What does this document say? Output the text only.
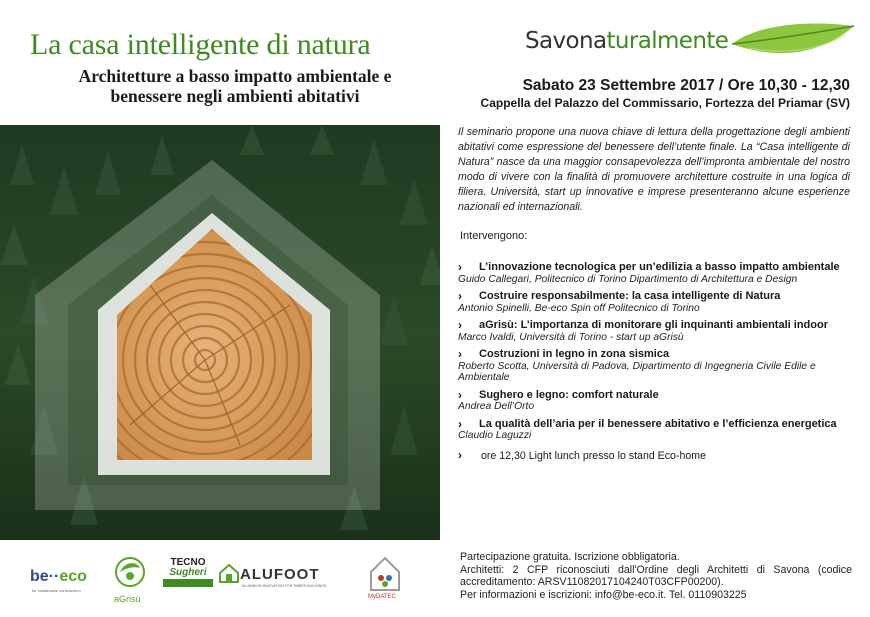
La casa intelligente di natura
Architetture a basso impatto ambientale e
benessere negli ambienti abitativi
Savonaturalmente
Sabato 23 Settembre 2017 / Ore 10,30 - 12,30
Cappella del Palazzo del Commissario, Fortezza del Priamar (SV)

Il seminario propone una nuova chiave di lettura della progettazione degli ambienti abitativi come espressione del benessere dell’utente finale. La “Casa intelligente di Natura” nasce da una maggior consapevolezza dell’impronta ambientale del nostro modo di vivere con la finalità di promuovere architetture costruite in una logica di filiera. Università, start up innovative e imprese presenteranno alcune esperienze nazionali ed internazionali.

Intervengono:
› L’innovazione tecnologica per un’edilizia a basso impatto ambientale
Guido Callegari, Politecnico di Torino Dipartimento di Architettura e Design
› Costruire responsabilmente: la casa intelligente di Natura
Antonio Spinelli, Be-eco Spin off Politecnico di Torino
› aGrisù: L’importanza di monitorare gli inquinanti ambientali indoor
Marco Ivaldi, Università di Torino - start up aGrisù
› Costruzioni in legno in zona sismica
Roberto Scotta, Università di Padova, Dipartimento di Ingegneria Civile Edile e Ambientale
› Sughero e legno: comfort naturale
Andrea Dell’Orto
› La qualità dell’aria per il benessere abitativo e l’efficienza energetica
Claudio Laguzzi
› ore 12,30 Light lunch presso lo stand Eco-home
Partecipazione gratuita. Iscrizione obbligatoria.
Architetti: 2 CFP riconosciuti dall'Ordine degli Architetti di Savona (codice accreditamento: ARSV11082017104240T03CFP00200).
Per informazioni e iscrizioni: info@be-eco.it. Tel. 0110903225
be··eco
for sustainable construction
aGrisù
TECNO
Sugheri	ALUFOOT
ALUMINIUM INNOVATION FOR TIMBER BUILDINGS
MyDATEC
